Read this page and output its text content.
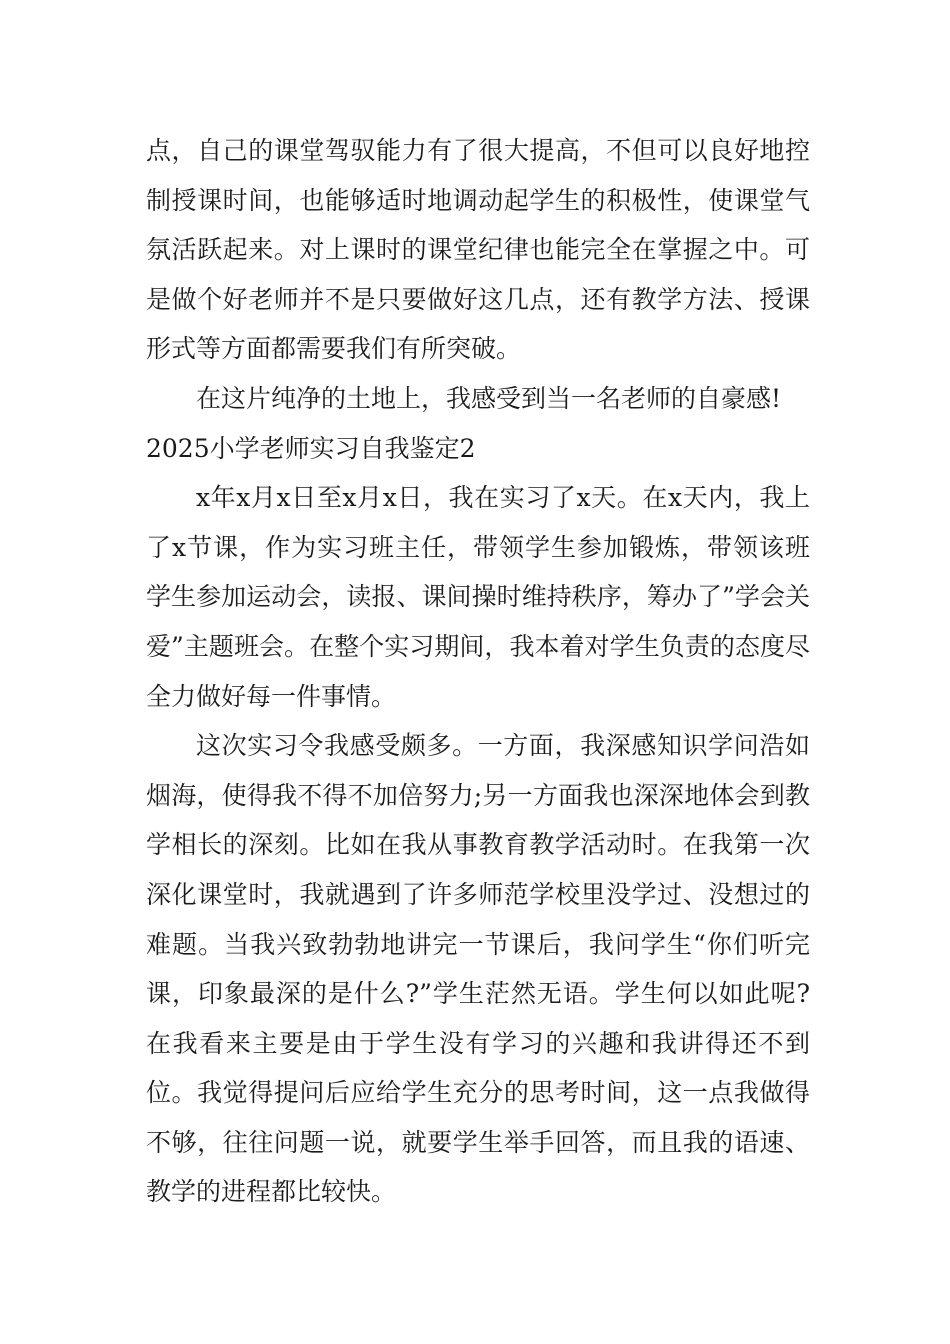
点，自己的课堂驾驭能力有了很大提高，不但可以良好地控制授课时间，也能够适时地调动起学生的积极性，使课堂气氛活跃起来。对上课时的课堂纪律也能完全在掌握之中。可是做个好老师并不是只要做好这几点，还有教学方法、授课形式等方面都需要我们有所突破。

在这片纯净的土地上，我感受到当一名老师的自豪感!

2025小学老师实习自我鉴定2

x年x月x日至x月x日，我在实习了x天。在x天内，我上了x节课，作为实习班主任，带领学生参加锻炼，带领该班学生参加运动会，读报、课间操时维持秩序，筹办了”学会关爱”主题班会。在整个实习期间，我本着对学生负责的态度尽全力做好每一件事情。

这次实习令我感受颇多。一方面，我深感知识学问浩如烟海，使得我不得不加倍努力;另一方面我也深深地体会到教学相长的深刻。比如在我从事教育教学活动时。在我第一次深化课堂时，我就遇到了许多师范学校里没学过、没想过的难题。当我兴致勃勃地讲完一节课后，我问学生“你们听完课，印象最深的是什么?”学生茫然无语。学生何以如此呢?在我看来主要是由于学生没有学习的兴趣和我讲得还不到位。我觉得提问后应给学生充分的思考时间，这一点我做得不够，往往问题一说，就要学生举手回答，而且我的语速、教学的进程都比较快。
